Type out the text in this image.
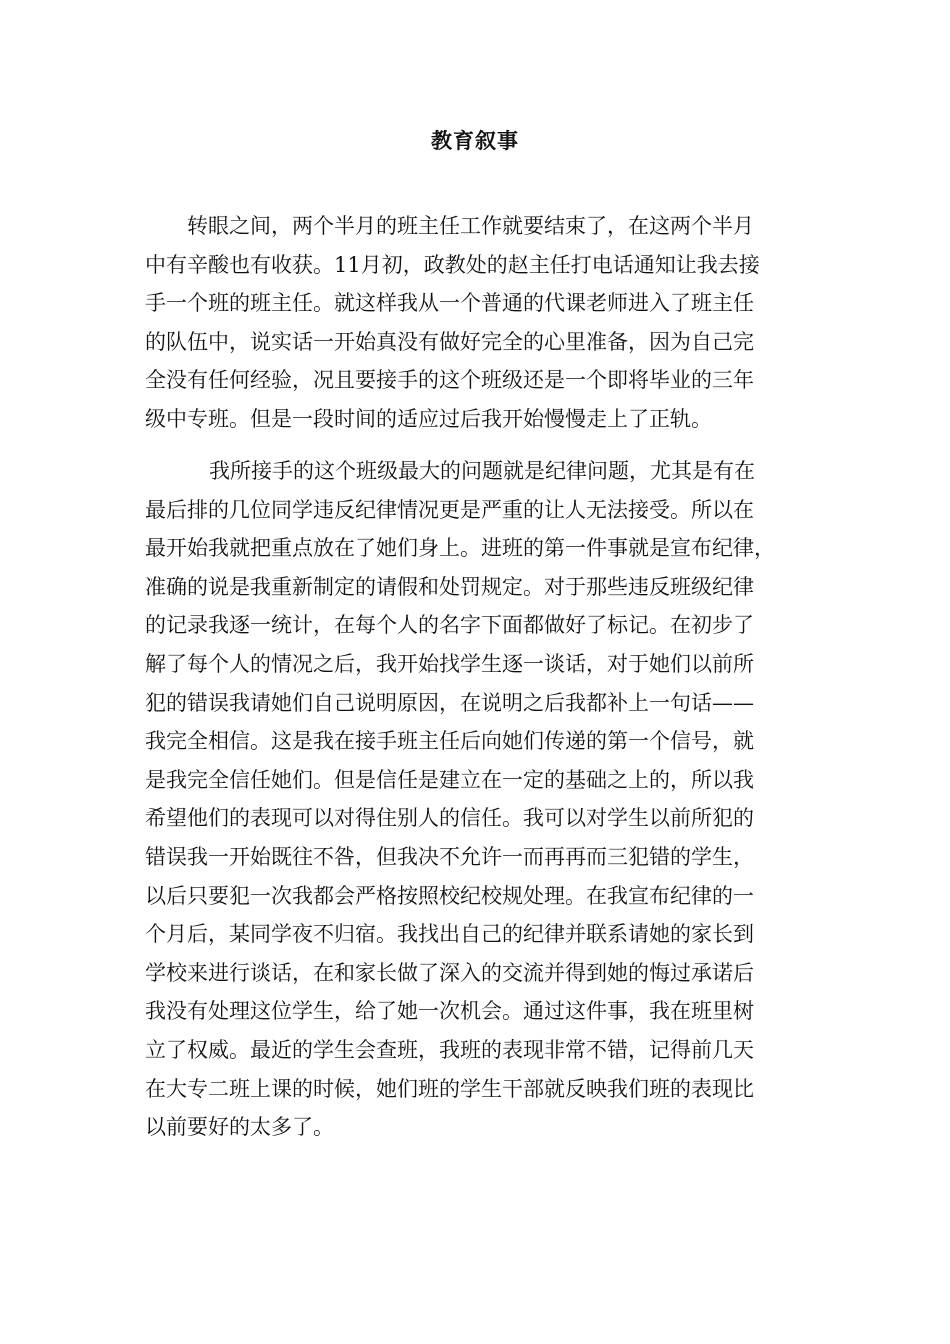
教育叙事
转眼之间，两个半月的班主任工作就要结束了，在这两个半月
中有辛酸也有收获。11月初，政教处的赵主任打电话通知让我去接
手一个班的班主任。就这样我从一个普通的代课老师进入了班主任
的队伍中，说实话一开始真没有做好完全的心里准备，因为自己完
全没有任何经验，况且要接手的这个班级还是一个即将毕业的三年
级中专班。但是一段时间的适应过后我开始慢慢走上了正轨。
我所接手的这个班级最大的问题就是纪律问题，尤其是有在
最后排的几位同学违反纪律情况更是严重的让人无法接受。所以在
最开始我就把重点放在了她们身上。进班的第一件事就是宣布纪律，
准确的说是我重新制定的请假和处罚规定。对于那些违反班级纪律
的记录我逐一统计，在每个人的名字下面都做好了标记。在初步了
解了每个人的情况之后，我开始找学生逐一谈话，对于她们以前所
犯的错误我请她们自己说明原因，在说明之后我都补上一句话——
我完全相信。这是我在接手班主任后向她们传递的第一个信号，就
是我完全信任她们。但是信任是建立在一定的基础之上的，所以我
希望他们的表现可以对得住别人的信任。我可以对学生以前所犯的
错误我一开始既往不咎，但我决不允许一而再再而三犯错的学生，
以后只要犯一次我都会严格按照校纪校规处理。在我宣布纪律的一
个月后，某同学夜不归宿。我找出自己的纪律并联系请她的家长到
学校来进行谈话，在和家长做了深入的交流并得到她的悔过承诺后
我没有处理这位学生，给了她一次机会。通过这件事，我在班里树
立了权威。最近的学生会查班，我班的表现非常不错，记得前几天
在大专二班上课的时候，她们班的学生干部就反映我们班的表现比
以前要好的太多了。
